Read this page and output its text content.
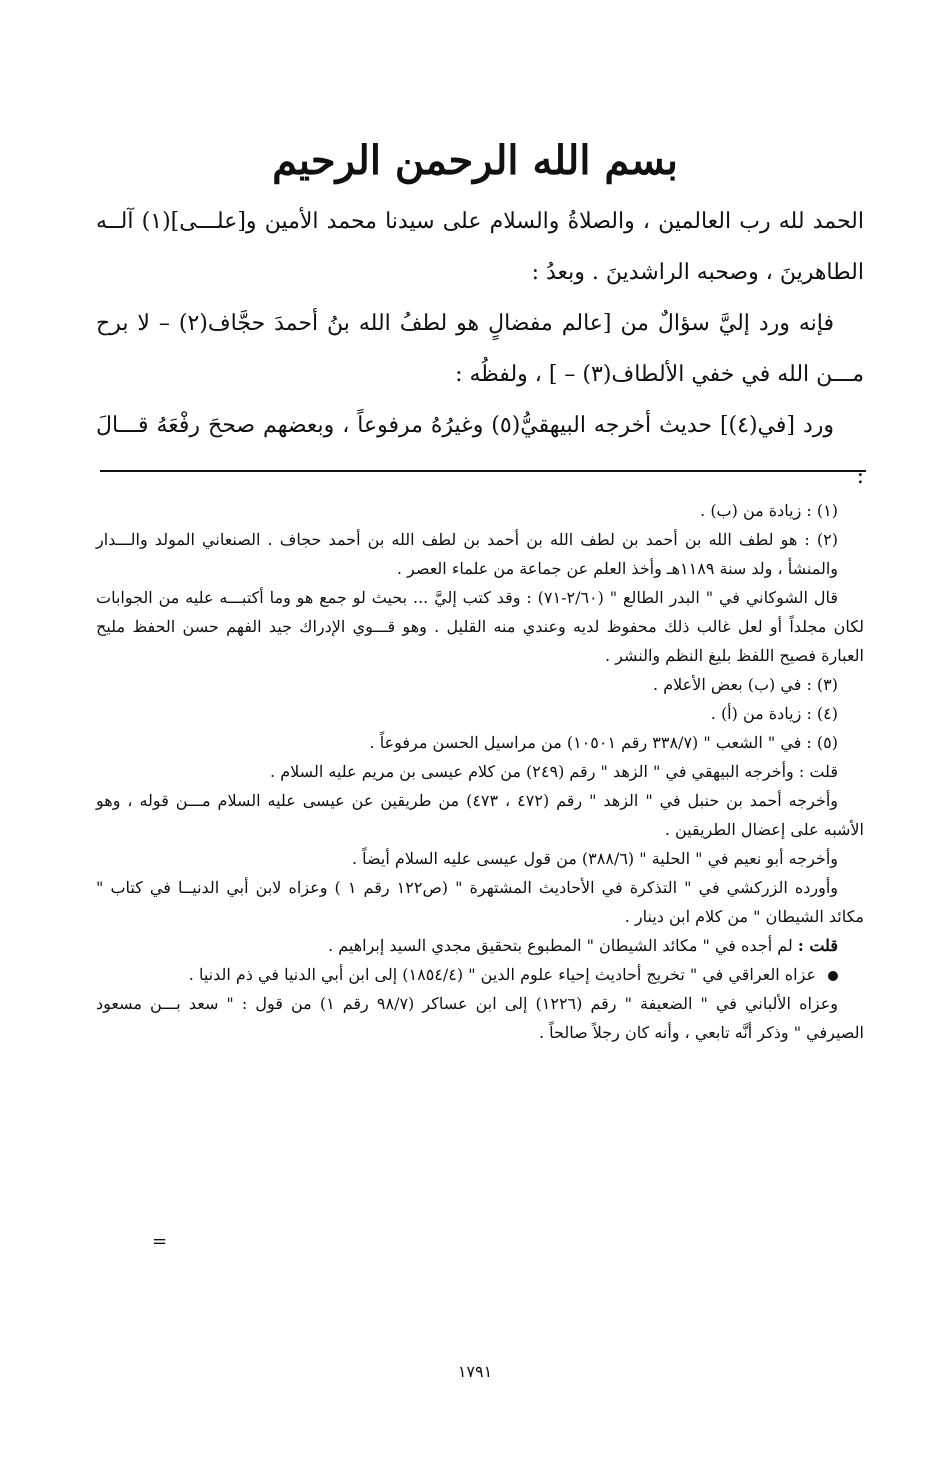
بسم الله الرحمن الرحيم

الحمد لله رب العالمين ، والصلاةُ والسلام على سيدنا محمد الأمين و[علـــى](١) آلــه الطاهرينَ ، وصحبه الراشدينَ . وبعدُ :

فإنه ورد إليَّ سؤالٌ من [عالم مفضالٍ هو لطفُ الله بنُ أحمدَ حجَّاف(٢) – لا برح مـــن الله في خفي الألطاف(٣) – ] ، ولفظُه :

ورد [في(٤)] حديث أخرجه البيهقيُّ(٥) وغيرُهُ مرفوعاً ، وبعضهم صححَ رفْعَهُ قـــالَ :

(١) : زيادة من (ب) .

(٢) : هو لطف الله بن أحمد بن لطف الله بن أحمد بن لطف الله بن أحمد حجاف . الصنعاني المولد والـــدار والمنشأ ، ولد سنة ١١٨٩هـ وأخذ العلم عن جماعة من علماء العصر .

قال الشوكاني في " البدر الطالع " (٢/٦٠-٧١) : وقد كتب إليَّ ... بحيث لو جمع هو وما أكتبـــه عليه من الجوابات لكان مجلداً أو لعل غالب ذلك محفوظ لديه وعندي منه القليل . وهو قـــوي الإدراك جيد الفهم حسن الحفظ مليح العبارة فصيح اللفظ بليغ النظم والنشر .

(٣) : في (ب) بعض الأعلام .

(٤) : زيادة من (أ) .

(٥) : في " الشعب " (٣٣٨/٧ رقم ١٠٥٠١) من مراسيل الحسن مرفوعاً .

قلت : وأخرجه البيهقي في " الزهد " رقم (٢٤٩) من كلام عيسى بن مريم عليه السلام .

وأخرجه أحمد بن حنبل في " الزهد " رقم (٤٧٢ ، ٤٧٣) من طريقين عن عيسى عليه السلام مـــن قوله ، وهو الأشبه على إعضال الطريقين .

وأخرجه أبو نعيم في " الحلية " (٣٨٨/٦) من قول عيسى عليه السلام أيضاً .

وأورده الزركشي في " التذكرة في الأحاديث المشتهرة " (ص١٢٢ رقم ١ ) وعزاه لابن أبي الدنيــا في كتاب " مكائد الشيطان " من كلام ابن دينار .

قلت : لم أجده في " مكائد الشيطان " المطبوع بتحقيق مجدي السيد إبراهيم .

عزاه العراقي في " تخريج أحاديث إحياء علوم الدين " (١٨٥٤/٤) إلى ابن أبي الدنيا في ذم الدنيا .

وعزاه الألباني في " الضعيفة " رقم (١٢٢٦) إلى ابن عساكر (٩٨/٧ رقم ١) من قول : " سعد بـــن مسعود الصيرفي " وذكر أنَّه تابعي ، وأنه كان رجلاً صالحاً .

=
١٧٩١
